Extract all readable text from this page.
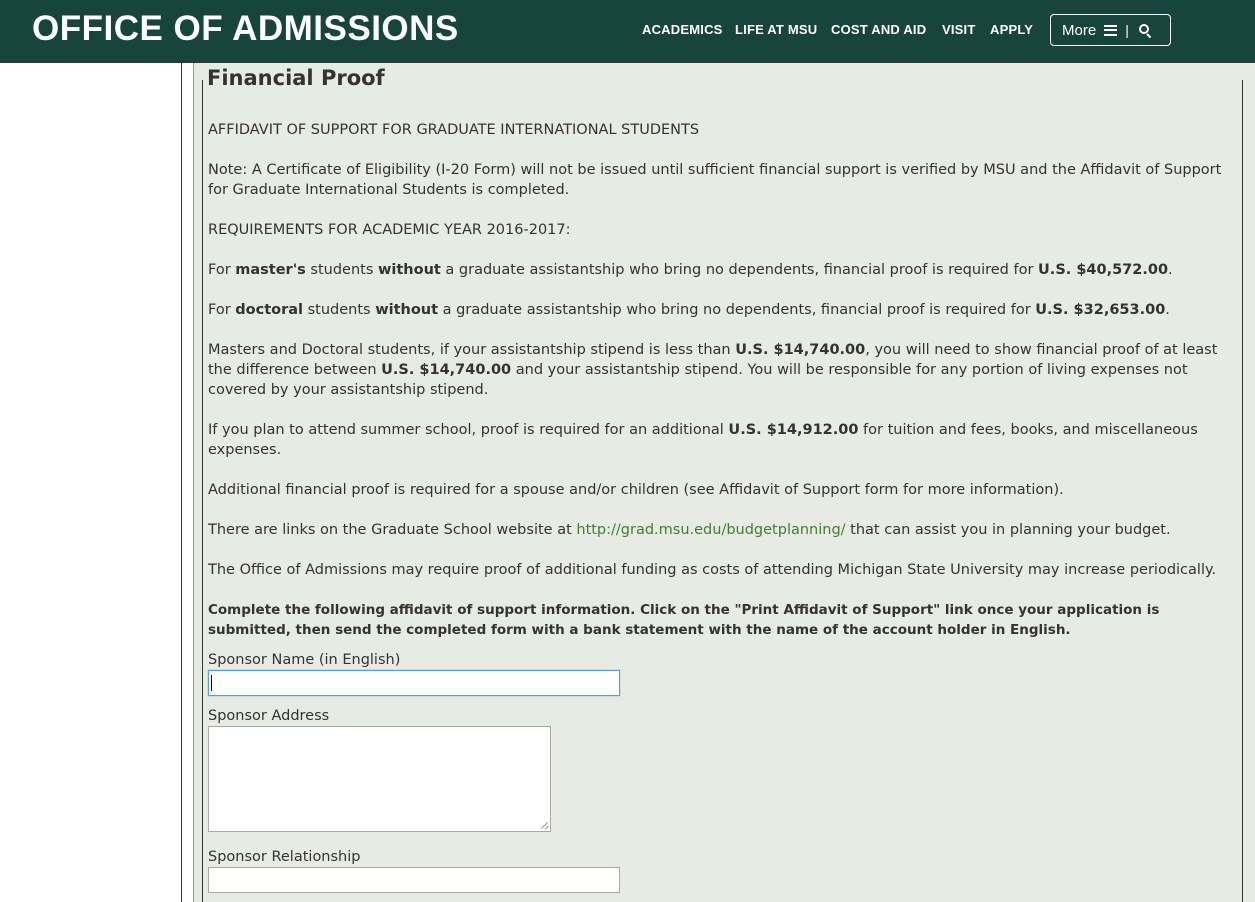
OFFICE OF ADMISSIONS	ACADEMICS LIFE AT MSU COST AND AID VISIT APPLY More |
Financial Proof

AFFIDAVIT OF SUPPORT FOR GRADUATE INTERNATIONAL STUDENTS

Note: A Certificate of Eligibility (I-20 Form) will not be issued until sufficient financial support is verified by MSU and the Affidavit of Support for Graduate International Students is completed.

REQUIREMENTS FOR ACADEMIC YEAR 2016-2017:

For master's students without a graduate assistantship who bring no dependents, financial proof is required for U.S. $40,572.00.

For doctoral students without a graduate assistantship who bring no dependents, financial proof is required for U.S. $32,653.00.

Masters and Doctoral students, if your assistantship stipend is less than U.S. $14,740.00, you will need to show financial proof of at least the difference between U.S. $14,740.00 and your assistantship stipend. You will be responsible for any portion of living expenses not covered by your assistantship stipend.

If you plan to attend summer school, proof is required for an additional U.S. $14,912.00 for tuition and fees, books, and miscellaneous expenses.

Additional financial proof is required for a spouse and/or children (see Affidavit of Support form for more information).

There are links on the Graduate School website at http://grad.msu.edu/budgetplanning/ that can assist you in planning your budget.

The Office of Admissions may require proof of additional funding as costs of attending Michigan State University may increase periodically.

Complete the following affidavit of support information. Click on the "Print Affidavit of Support" link once your application is submitted, then send the completed form with a bank statement with the name of the account holder in English.

Sponsor Name (in English)
Sponsor Address
Sponsor Relationship
